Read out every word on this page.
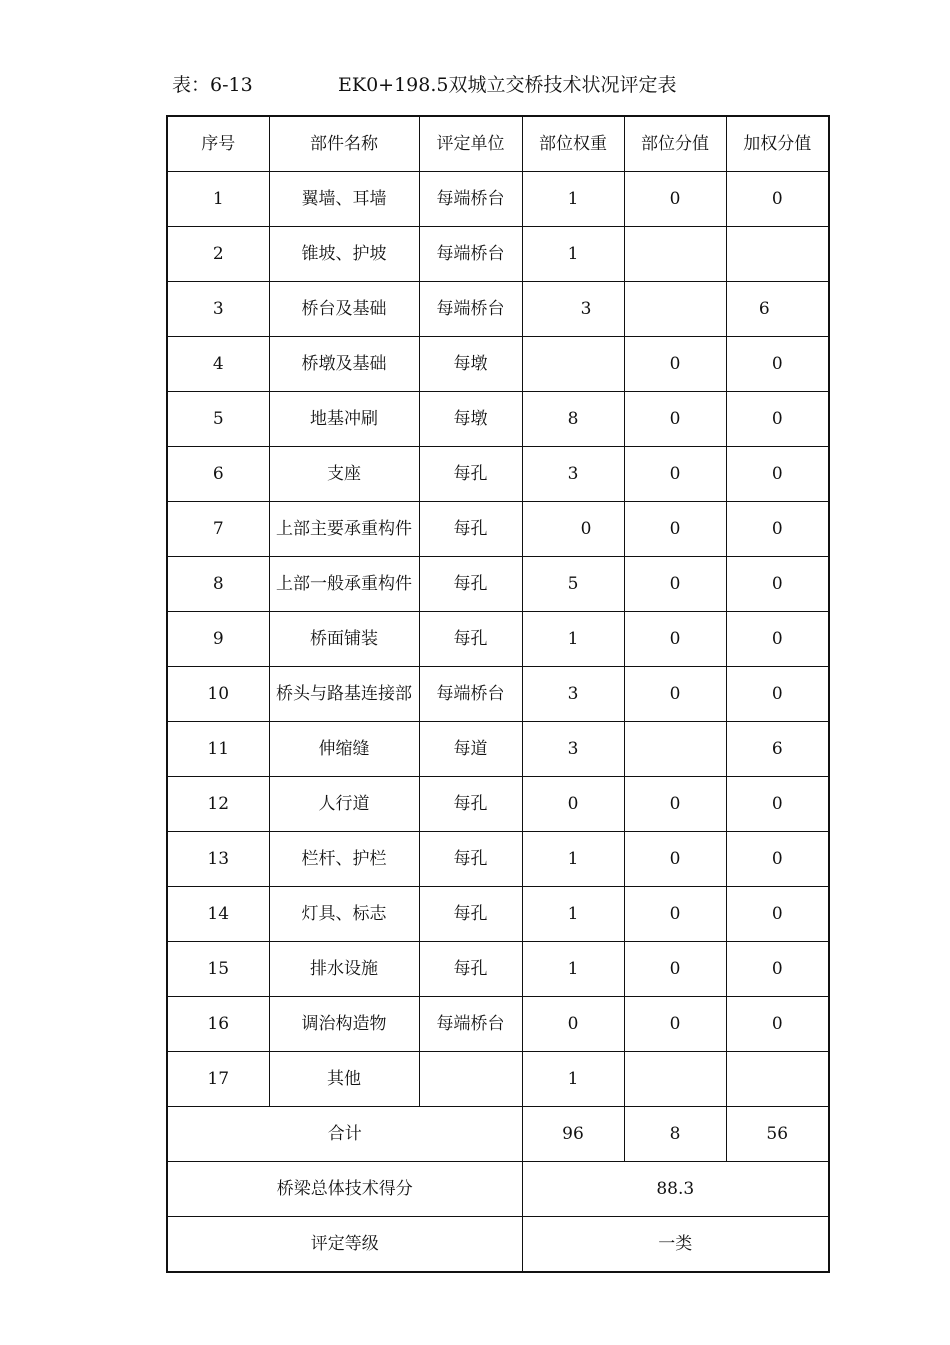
表：6-13	EK0+198.5双城立交桥技术状况评定表
序号	部件名称	评定单位	部位权重	部位分值	加权分值
1	翼墙、耳墙	每端桥台	1	0	0
2	锥坡、护坡	每端桥台	1		
3	桥台及基础	每端桥台	3		6
4	桥墩及基础	每墩		0	0
5	地基冲刷	每墩	8	0	0
6	支座	每孔	3	0	0
7	上部主要承重构件	每孔	0	0	0
8	上部一般承重构件	每孔	5	0	0
9	桥面铺装	每孔	1	0	0
10	桥头与路基连接部	每端桥台	3	0	0
11	伸缩缝	每道	3		6
12	人行道	每孔	0	0	0
13	栏杆、护栏	每孔	1	0	0
14	灯具、标志	每孔	1	0	0
15	排水设施	每孔	1	0	0
16	调治构造物	每端桥台	0	0	0
17	其他		1		
合计			96	8	56
桥梁总体技术得分			88.3		
评定等级			一类		
